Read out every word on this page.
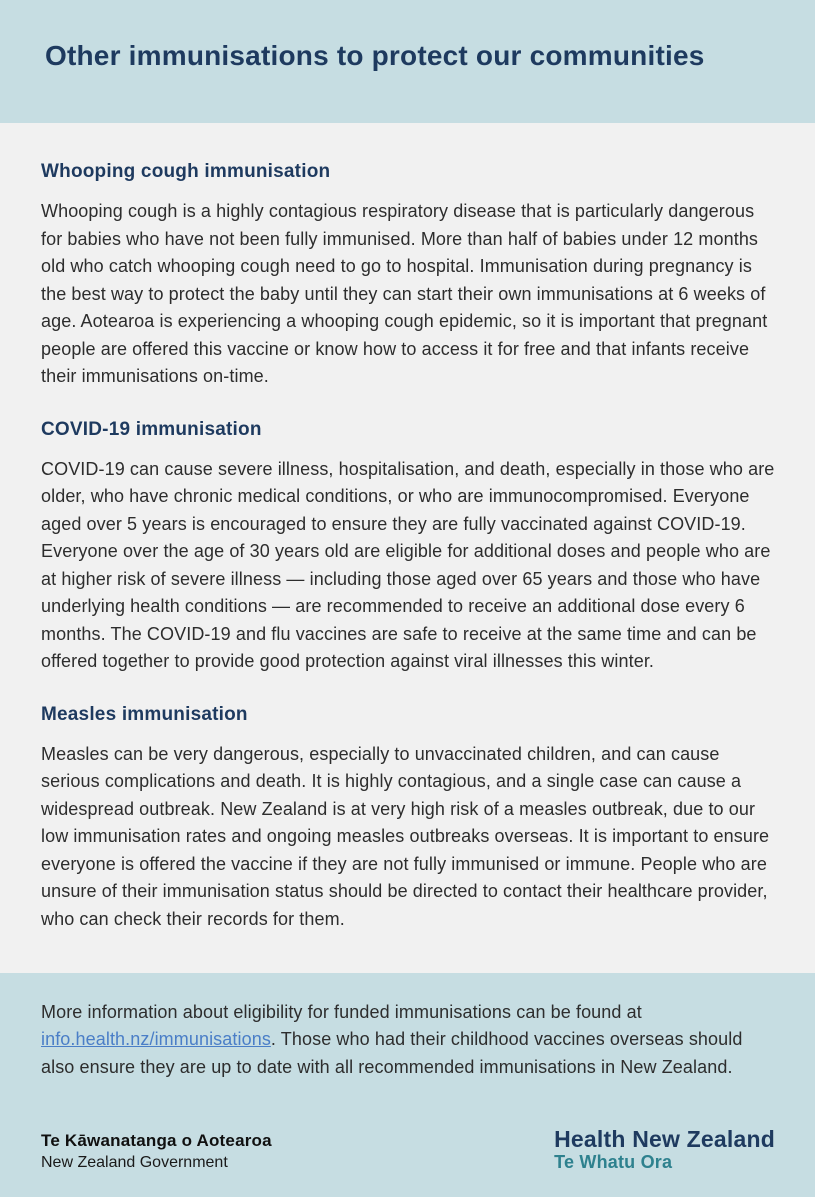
Other immunisations to protect our communities
Whooping cough immunisation

Whooping cough is a highly contagious respiratory disease that is particularly dangerous for babies who have not been fully immunised. More than half of babies under 12 months old who catch whooping cough need to go to hospital. Immunisation during pregnancy is the best way to protect the baby until they can start their own immunisations at 6 weeks of age. Aotearoa is experiencing a whooping cough epidemic, so it is important that pregnant people are offered this vaccine or know how to access it for free and that infants receive their immunisations on-time.

COVID-19 immunisation

COVID-19 can cause severe illness, hospitalisation, and death, especially in those who are older, who have chronic medical conditions, or who are immunocompromised. Everyone aged over 5 years is encouraged to ensure they are fully vaccinated against COVID-19. Everyone over the age of 30 years old are eligible for additional doses and people who are at higher risk of severe illness — including those aged over 65 years and those who have underlying health conditions — are recommended to receive an additional dose every 6 months. The COVID-19 and flu vaccines are safe to receive at the same time and can be offered together to provide good protection against viral illnesses this winter.

Measles immunisation

Measles can be very dangerous, especially to unvaccinated children, and can cause serious complications and death. It is highly contagious, and a single case can cause a widespread outbreak. New Zealand is at very high risk of a measles outbreak, due to our low immunisation rates and ongoing measles outbreaks overseas. It is important to ensure everyone is offered the vaccine if they are not fully immunised or immune. People who are unsure of their immunisation status should be directed to contact their healthcare provider, who can check their records for them.

More information about eligibility for funded immunisations can be found at info.health.nz/immunisations. Those who had their childhood vaccines overseas should also ensure they are up to date with all recommended immunisations in New Zealand.

Te Kāwanatanga o Aotearoa
New Zealand Government
Health New Zealand
Te Whatu Ora
